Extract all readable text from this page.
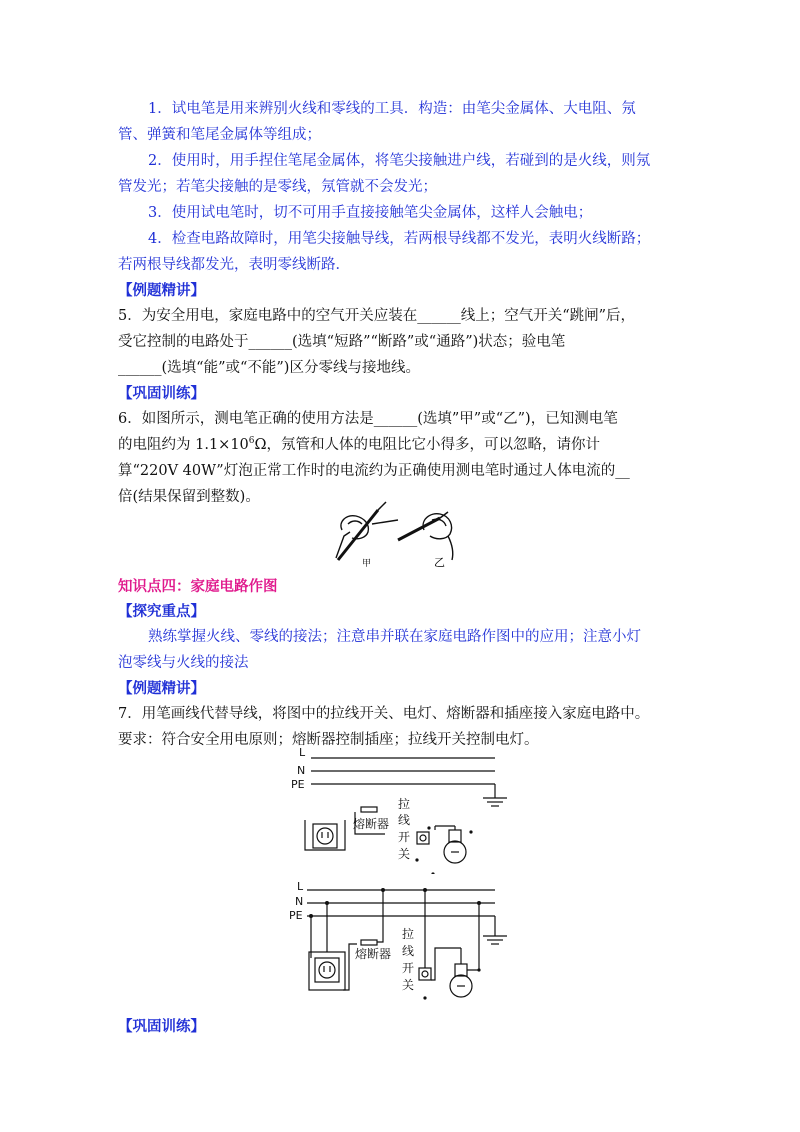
1．试电笔是用来辨别火线和零线的工具．构造：由笔尖金属体、大电阻、氖
管、弹簧和笔尾金属体等组成；
2．使用时，用手捏住笔尾金属体，将笔尖接触进户线，若碰到的是火线，则氖
管发光；若笔尖接触的是零线，氖管就不会发光；
3．使用试电笔时，切不可用手直接接触笔尖金属体，这样人会触电；
4．检查电路故障时，用笔尖接触导线，若两根导线都不发光，表明火线断路；
若两根导线都发光，表明零线断路．
【例题精讲】
5．为安全用电，家庭电路中的空气开关应装在______线上；空气开关“跳闸”后，
受它控制的电路处于______(选填“短路”“断路”或“通路”)状态；验电笔
______(选填“能”或“不能”)区分零线与接地线。
【巩固训练】
6．如图所示，测电笔正确的使用方法是______(选填”甲”或“乙”)，已知测电笔
的电阻约为 $1.1\times 10^6\Omega$，氖管和人体的电阻比它小得多，可以忽略，请你计
算“220V 40W”灯泡正常工作时的电流约为正确使用测电笔时通过人体电流的__
倍(结果保留到整数)。
甲	乙
知识点四：家庭电路作图
【探究重点】
熟练掌握火线、零线的接法；注意串并联在家庭电路作图中的应用；注意小灯
泡零线与火线的接法
【例题精讲】
7．用笔画线代替导线，将图中的拉线开关、电灯、熔断器和插座接入家庭电路中。
要求：符合安全用电原则；熔断器控制插座；拉线开关控制电灯。
L
N
PE
熔断器
拉
线
开
关
L
N
PE
熔断器
拉
线
开
关
【巩固训练】
